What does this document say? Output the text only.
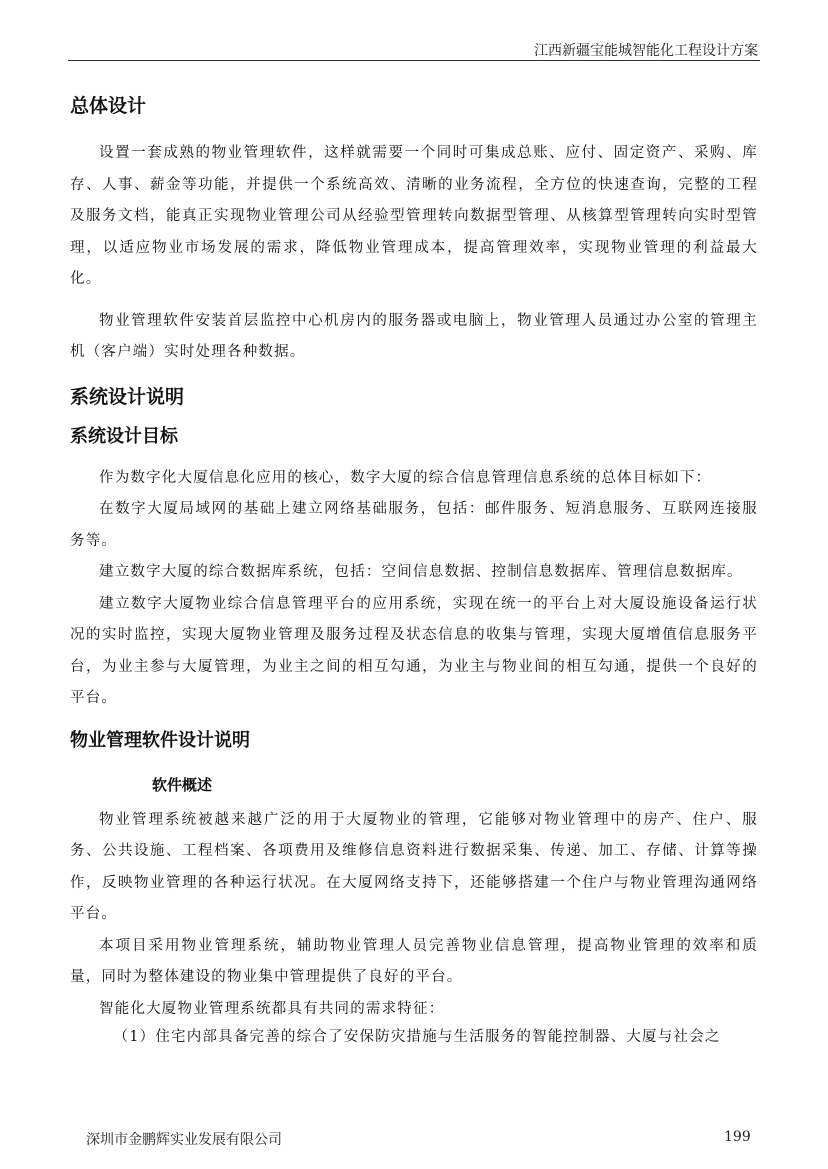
江西新疆宝能城智能化工程设计方案
总体设计

设置一套成熟的物业管理软件，这样就需要一个同时可集成总账、应付、固定资产、采购、库存、人事、薪金等功能，并提供一个系统高效、清晰的业务流程，全方位的快速查询，完整的工程及服务文档，能真正实现物业管理公司从经验型管理转向数据型管理、从核算型管理转向实时型管理，以适应物业市场发展的需求，降低物业管理成本，提高管理效率，实现物业管理的利益最大化。

物业管理软件安装首层监控中心机房内的服务器或电脑上，物业管理人员通过办公室的管理主机（客户端）实时处理各种数据。

系统设计说明
系统设计目标

作为数字化大厦信息化应用的核心，数字大厦的综合信息管理信息系统的总体目标如下：

在数字大厦局域网的基础上建立网络基础服务，包括：邮件服务、短消息服务、互联网连接服务等。

建立数字大厦的综合数据库系统，包括：空间信息数据、控制信息数据库、管理信息数据库。

建立数字大厦物业综合信息管理平台的应用系统，实现在统一的平台上对大厦设施设备运行状况的实时监控，实现大厦物业管理及服务过程及状态信息的收集与管理，实现大厦增值信息服务平台，为业主参与大厦管理，为业主之间的相互勾通，为业主与物业间的相互勾通，提供一个良好的平台。

物业管理软件设计说明
软件概述

物业管理系统被越来越广泛的用于大厦物业的管理，它能够对物业管理中的房产、住户、服务、公共设施、工程档案、各项费用及维修信息资料进行数据采集、传递、加工、存储、计算等操作，反映物业管理的各种运行状况。在大厦网络支持下，还能够搭建一个住户与物业管理沟通网络平台。

本项目采用物业管理系统，辅助物业管理人员完善物业信息管理，提高物业管理的效率和质量，同时为整体建设的物业集中管理提供了良好的平台。

智能化大厦物业管理系统都具有共同的需求特征：

（1）住宅内部具备完善的综合了安保防灾措施与生活服务的智能控制器、大厦与社会之

深圳市金鹏辉实业发展有限公司	199
